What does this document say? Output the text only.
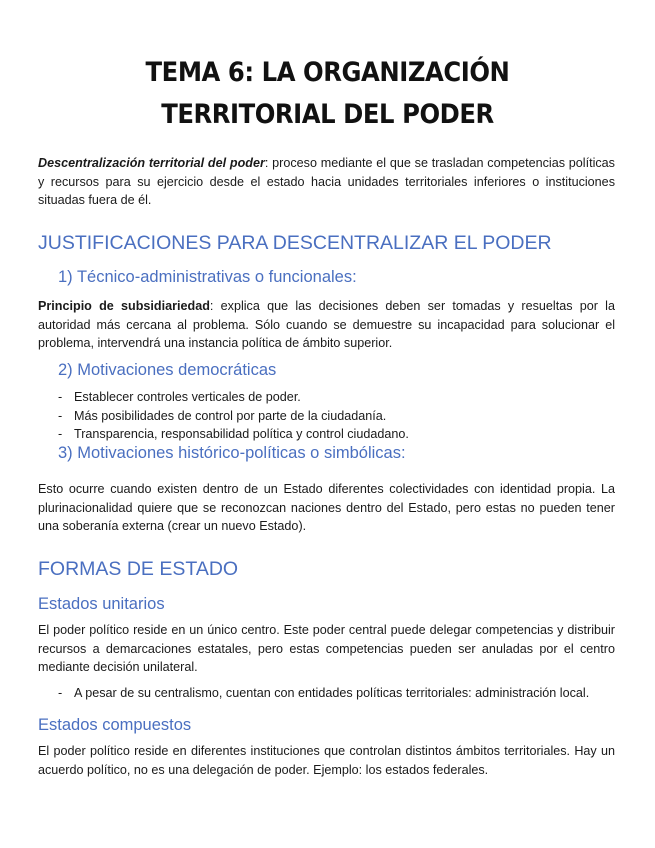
TEMA 6: LA ORGANIZACIÓN TERRITORIAL DEL PODER

Descentralización territorial del poder: proceso mediante el que se trasladan competencias políticas y recursos para su ejercicio desde el estado hacia unidades territoriales inferiores o instituciones situadas fuera de él.

JUSTIFICACIONES PARA DESCENTRALIZAR EL PODER
1) Técnico-administrativas o funcionales:

Principio de subsidiariedad: explica que las decisiones deben ser tomadas y resueltas por la autoridad más cercana al problema. Sólo cuando se demuestre su incapacidad para solucionar el problema, intervendrá una instancia política de ámbito superior.

2) Motivaciones democráticas
- Establecer controles verticales de poder.
- Más posibilidades de control por parte de la ciudadanía.
- Transparencia, responsabilidad política y control ciudadano.
3) Motivaciones histórico-políticas o simbólicas:

Esto ocurre cuando existen dentro de un Estado diferentes colectividades con identidad propia. La plurinacionalidad quiere que se reconozcan naciones dentro del Estado, pero estas no pueden tener una soberanía externa (crear un nuevo Estado).

FORMAS DE ESTADO
Estados unitarios

El poder político reside en un único centro. Este poder central puede delegar competencias y distribuir recursos a demarcaciones estatales, pero estas competencias pueden ser anuladas por el centro mediante decisión unilateral.

- A pesar de su centralismo, cuentan con entidades políticas territoriales: administración local.
Estados compuestos

El poder político reside en diferentes instituciones que controlan distintos ámbitos territoriales. Hay un acuerdo político, no es una delegación de poder. Ejemplo: los estados federales.
